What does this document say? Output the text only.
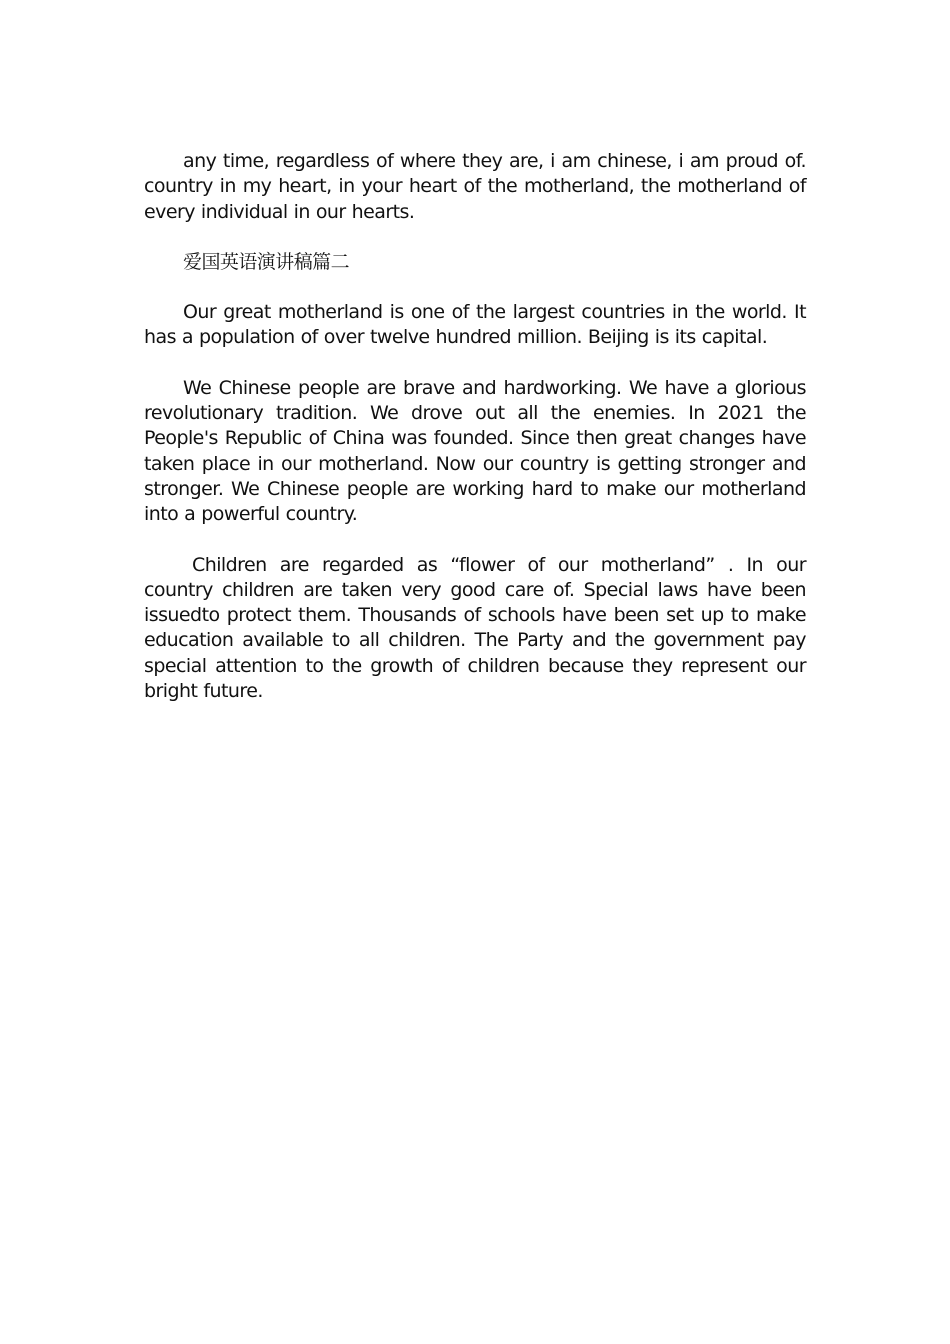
any time, regardless of where they are, i am chinese, i am proud of. country in my heart, in your heart of the motherland, the motherland of every individual in our hearts.

爱国英语演讲稿篇二

Our great motherland is one of the largest countries in the world. It has a population of over twelve hundred million. Beijing is its capital.

We Chinese people are brave and hardworking. We have a glorious revolutionary tradition. We drove out all the enemies. In 2021 the People's Republic of China was founded. Since then great changes have taken place in our motherland. Now our country is getting stronger and stronger. We Chinese people are working hard to make our motherland into a powerful country.

Children are regarded as “flower of our motherland” . In our country children are taken very good care of. Special laws have been issuedto protect them. Thousands of schools have been set up to make education available to all children. The Party and the government pay special attention to the growth of children because they represent our bright future.
